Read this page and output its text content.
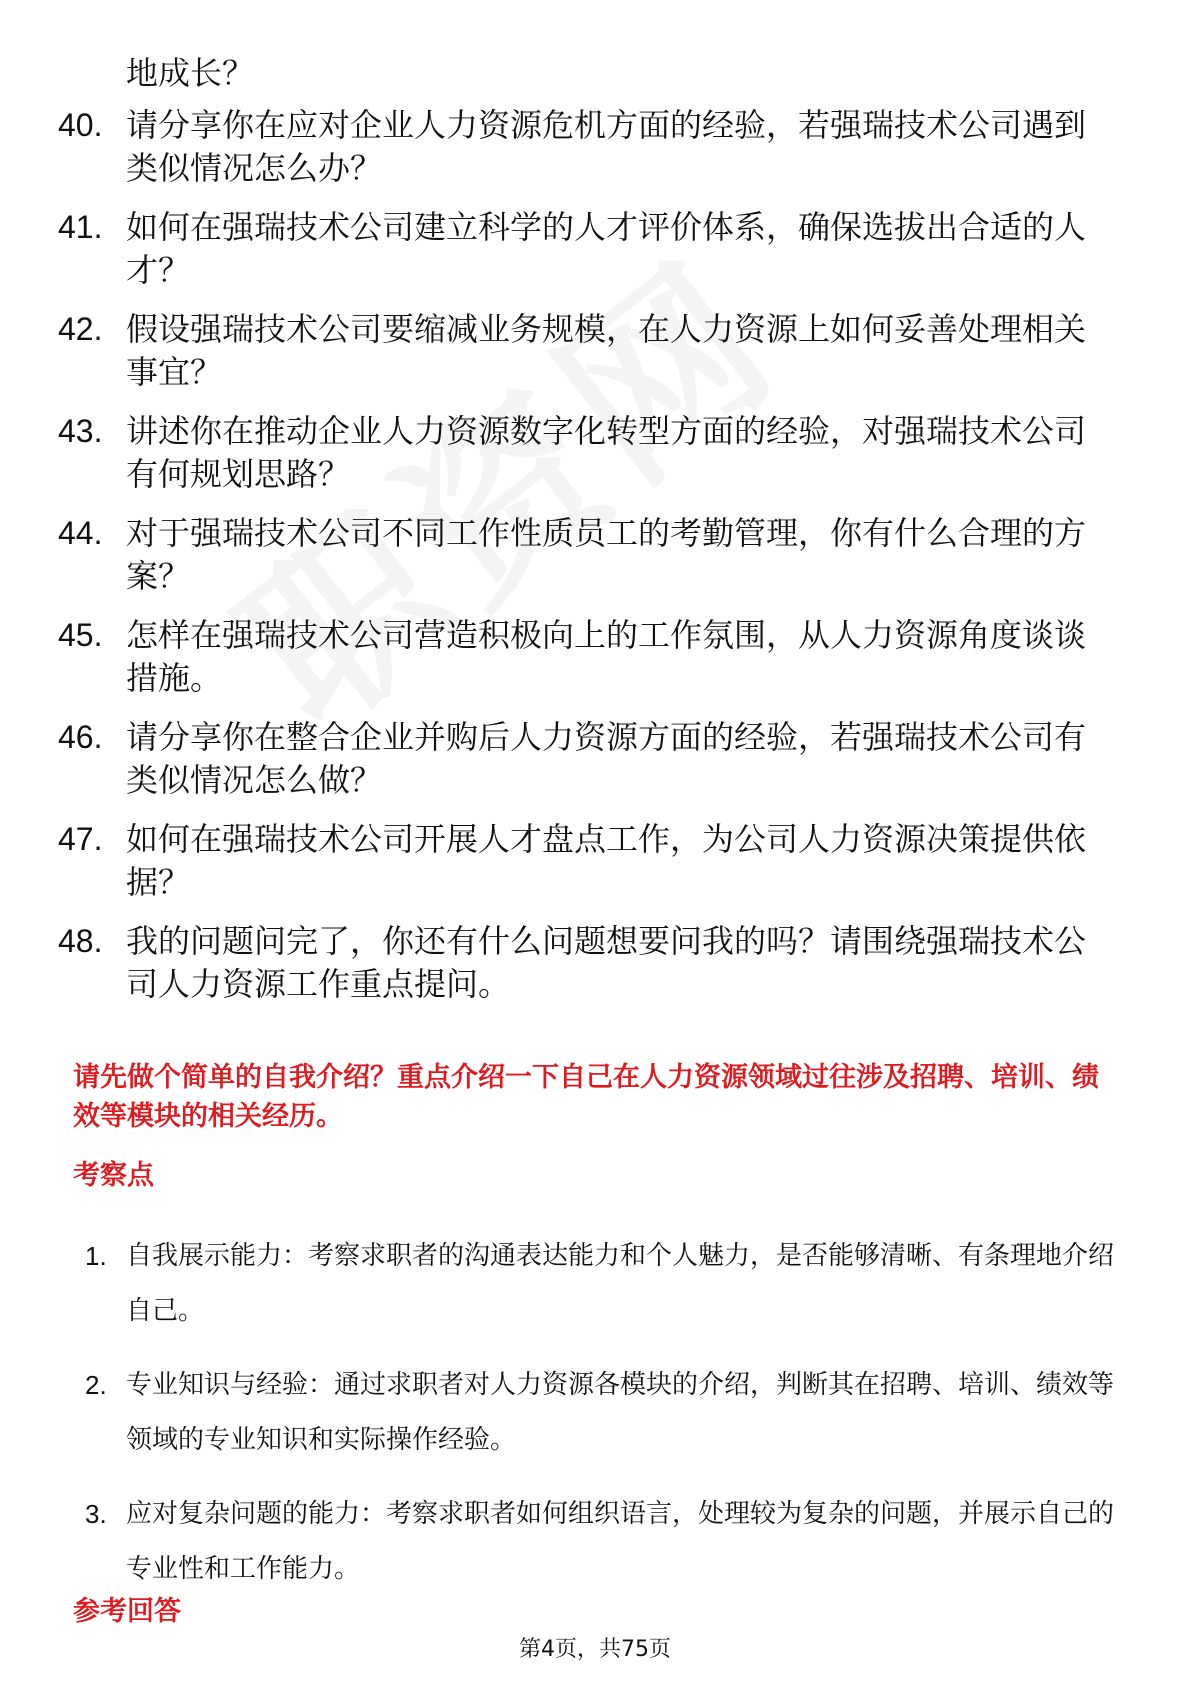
地成长？

40. 请分享你在应对企业人力资源危机方面的经验，若强瑞技术公司遇到类似情况怎么办？
41. 如何在强瑞技术公司建立科学的人才评价体系，确保选拔出合适的人才？
42. 假设强瑞技术公司要缩减业务规模，在人力资源上如何妥善处理相关事宜？
43. 讲述你在推动企业人力资源数字化转型方面的经验，对强瑞技术公司有何规划思路？
44. 对于强瑞技术公司不同工作性质员工的考勤管理，你有什么合理的方案？
45. 怎样在强瑞技术公司营造积极向上的工作氛围，从人力资源角度谈谈措施。
46. 请分享你在整合企业并购后人力资源方面的经验，若强瑞技术公司有类似情况怎么做？
47. 如何在强瑞技术公司开展人才盘点工作，为公司人力资源决策提供依据？
48. 我的问题问完了，你还有什么问题想要问我的吗？请围绕强瑞技术公司人力资源工作重点提问。

请先做个简单的自我介绍？重点介绍一下自己在人力资源领域过往涉及招聘、培训、绩效等模块的相关经历。

考察点
1. 自我展示能力：考察求职者的沟通表达能力和个人魅力，是否能够清晰、有条理地介绍自己。
2. 专业知识与经验：通过求职者对人力资源各模块的介绍，判断其在招聘、培训、绩效等领域的专业知识和实际操作经验。
3. 应对复杂问题的能力：考察求职者如何组织语言，处理较为复杂的问题，并展示自己的专业性和工作能力。
参考回答
第4页，共75页
